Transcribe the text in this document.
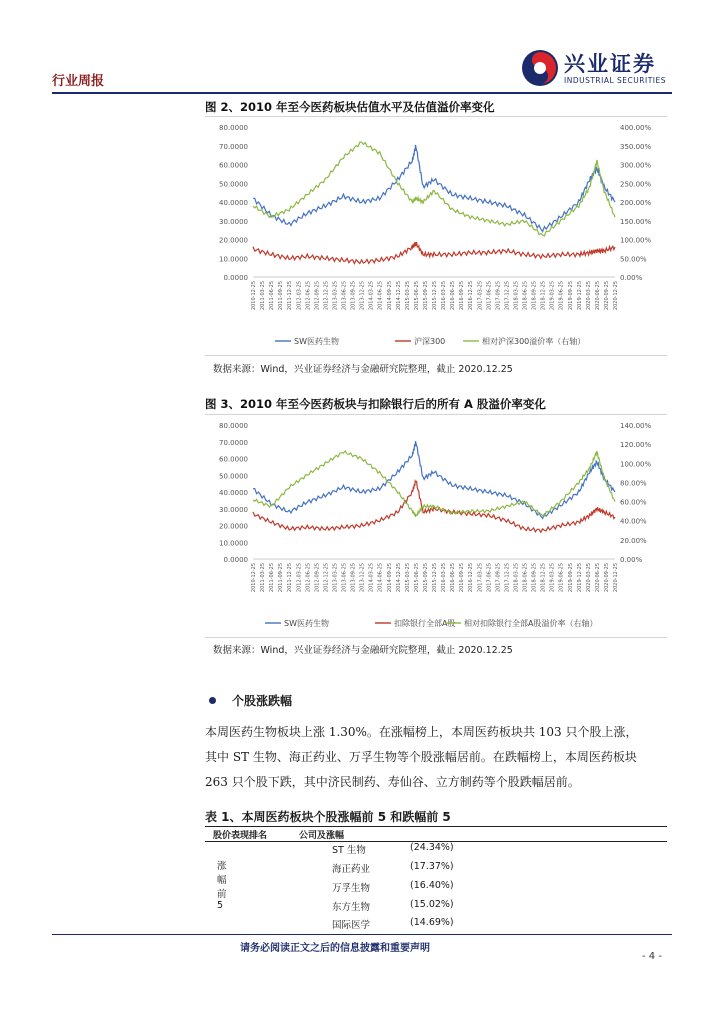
行业周报
兴业证券
INDUSTRIAL SECURITIES
图 2、2010 年至今医药板块估值水平及估值溢价率变化
80.0000
70.0000
60.0000
50.0000
40.0000
30.0000
20.0000
10.0000
0.0000
400.00%
350.00%
300.00%
250.00%
200.00%
150.00%
100.00%
50.00%
0.00%
2010-12-25 2011-03-25 2011-06-25 2011-09-25 2011-12-25 2012-03-25 2012-06-25 2012-09-25 2012-12-25 2013-03-25 2013-06-25 2013-09-25 2013-12-25 2014-03-25 2014-06-25 2014-09-25 2014-12-25 2015-03-25 2015-06-25 2015-09-25 2015-12-25 2016-03-25 2016-06-25 2016-09-25 2016-12-25 2017-03-25 2017-06-25 2017-09-25 2017-12-25 2018-03-25 2018-06-25 2018-09-25 2018-12-25 2019-03-25 2019-06-25 2019-09-25 2019-12-25 2020-03-25 2020-06-25 2020-09-25 2020-12-25
SW医药生物	沪深300	相对沪深300溢价率（右轴）
数据来源：Wind，兴业证券经济与金融研究院整理，截止 2020.12.25
图 3、2010 年至今医药板块与扣除银行后的所有 A 股溢价率变化
80.0000
70.0000
60.0000
50.0000
40.0000
30.0000
20.0000
10.0000
0.0000
140.00%
120.00%
100.00%
80.00%
60.00%
40.00%
20.00%
0.00%
2010-12-25 2011-03-25 2011-06-25 2011-09-25 2011-12-25 2012-03-25 2012-06-25 2012-09-25 2012-12-25 2013-03-25 2013-06-25 2013-09-25 2013-12-25 2014-03-25 2014-06-25 2014-09-25 2014-12-25 2015-03-25 2015-06-25 2015-09-25 2015-12-25 2016-03-25 2016-06-25 2016-09-25 2016-12-25 2017-03-25 2017-06-25 2017-09-25 2017-12-25 2018-03-25 2018-06-25 2018-09-25 2018-12-25 2019-03-25 2019-06-25 2019-09-25 2019-12-25 2020-03-25 2020-06-25 2020-09-25 2020-12-25
SW医药生物	扣除银行全部A股 相对扣除银行全部A股溢价率（右轴）
数据来源：Wind，兴业证券经济与金融研究院整理，截止 2020.12.25
个股涨跌幅
本周医药生物板块上涨 1.30%。在涨幅榜上，本周医药板块共 103 只个股上涨，
其中 ST 生物、海正药业、万孚生物等个股涨幅居前。在跌幅榜上，本周医药板块
263 只个股下跌，其中济民制药、寿仙谷、立方制药等个股跌幅居前。
表 1、本周医药板块个股涨幅前 5 和跌幅前 5
股价表现排名	公司及涨幅
涨幅前 5
ST 生物	(24.34%)
海正药业	(17.37%)
万孚生物	(16.40%)
东方生物	(15.02%)
国际医学	(14.69%)
请务必阅读正文之后的信息披露和重要声明
- 4 -
